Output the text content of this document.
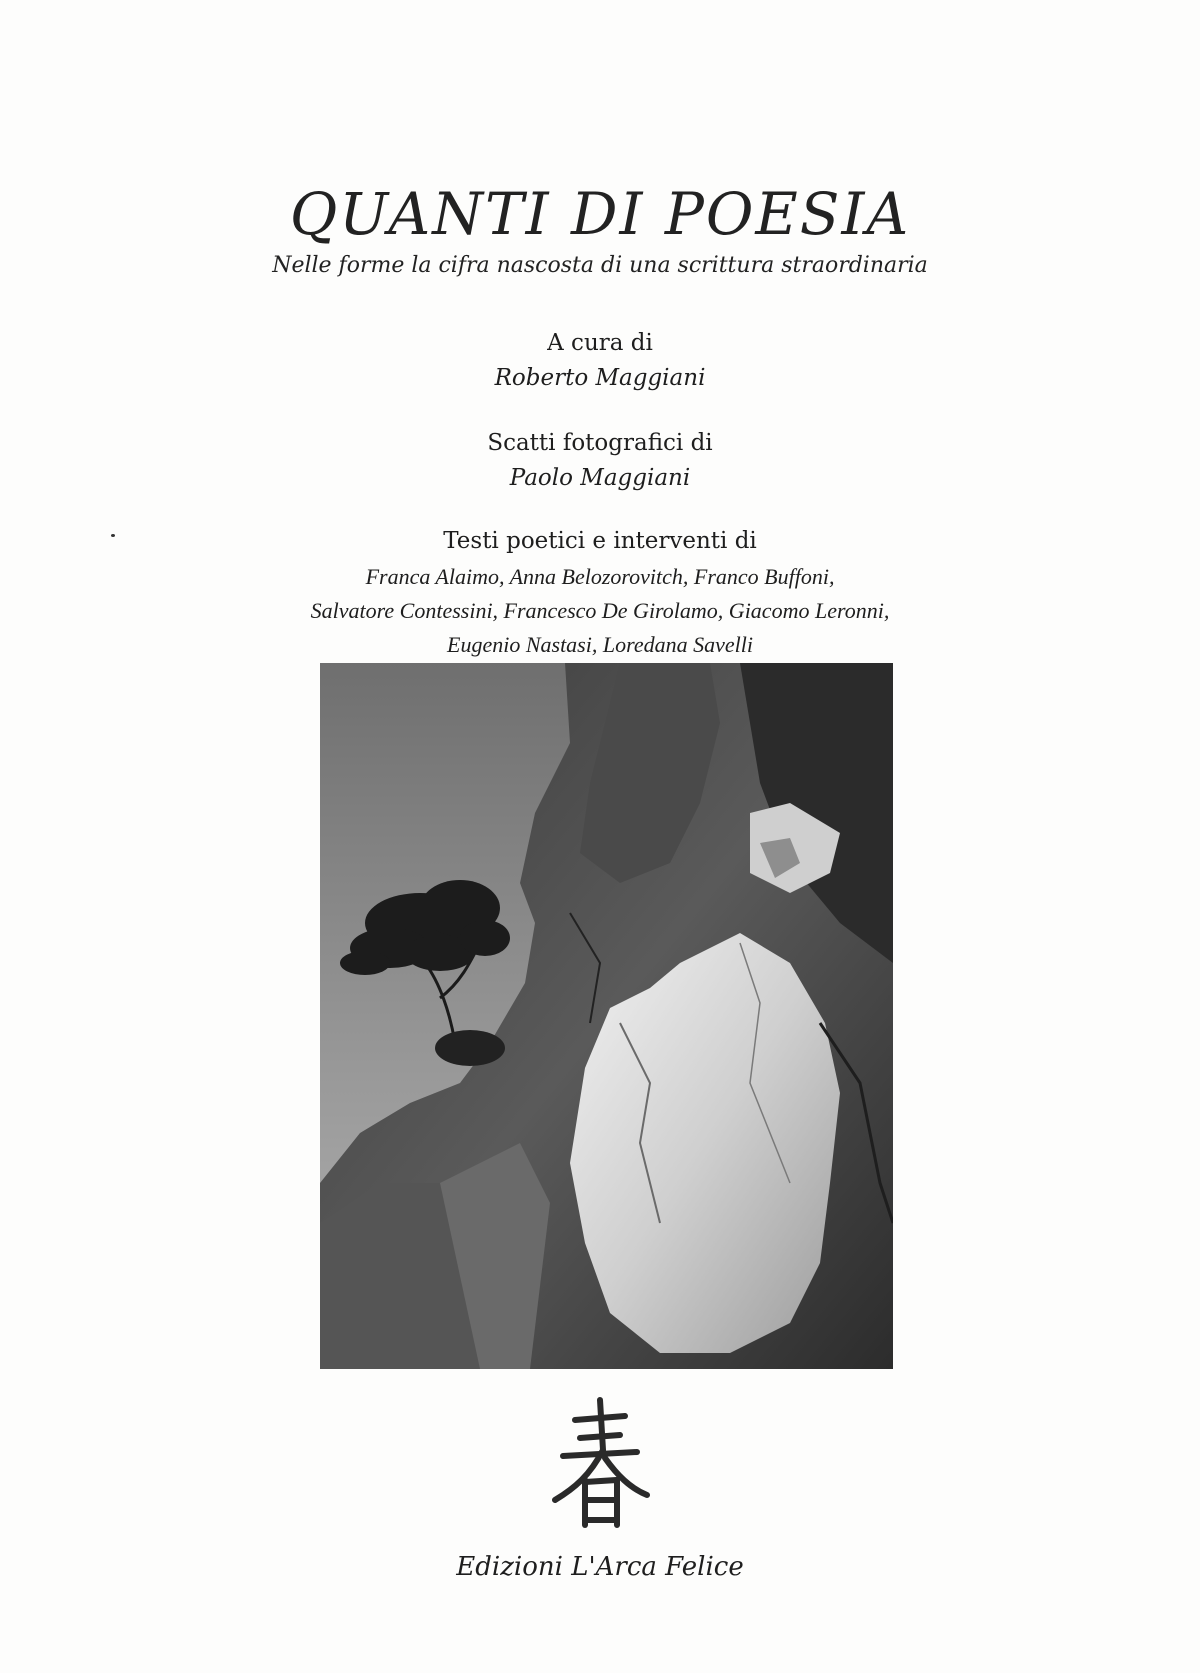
QUANTI DI POESIA
Nelle forme la cifra nascosta di una scrittura straordinaria
A cura di
Roberto Maggiani
Scatti fotografici di
Paolo Maggiani
Testi poetici e interventi di
Franca Alaimo, Anna Belozorovitch, Franco Buffoni,
Salvatore Contessini, Francesco De Girolamo, Giacomo Leronni,
Eugenio Nastasi, Loredana Savelli
Edizioni L'Arca Felice
